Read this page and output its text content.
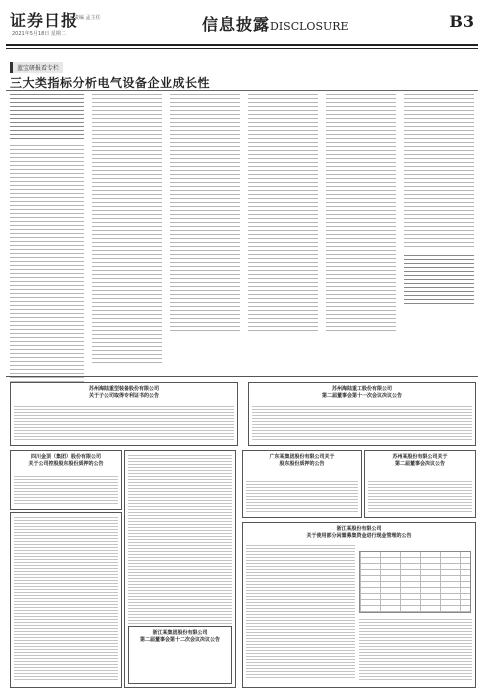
证券日报
责编 孟主任
2021年5月18日 星期二	信息披露DISCLOSURE	B3
蓝宝研报看专栏
三大类指标分析电气设备企业成长性
苏州海陆重型装备股份有限公司
关于子公司取得专利证书的公告
苏州海陆重工股份有限公司
第二届董事会第十一次会议决议公告
四川金顶（集团）股份有限公司
关于公司控股股东股份质押的公告
广东某集团股份有限公司关于
股东股份质押的公告
苏州某股份有限公司关于
第二届董事会决议公告
浙江某股份有限公司
关于使用部分闲置募集资金进行现金管理的公告
浙江某集团股份有限公司
第二届董事会第十二次会议决议公告
